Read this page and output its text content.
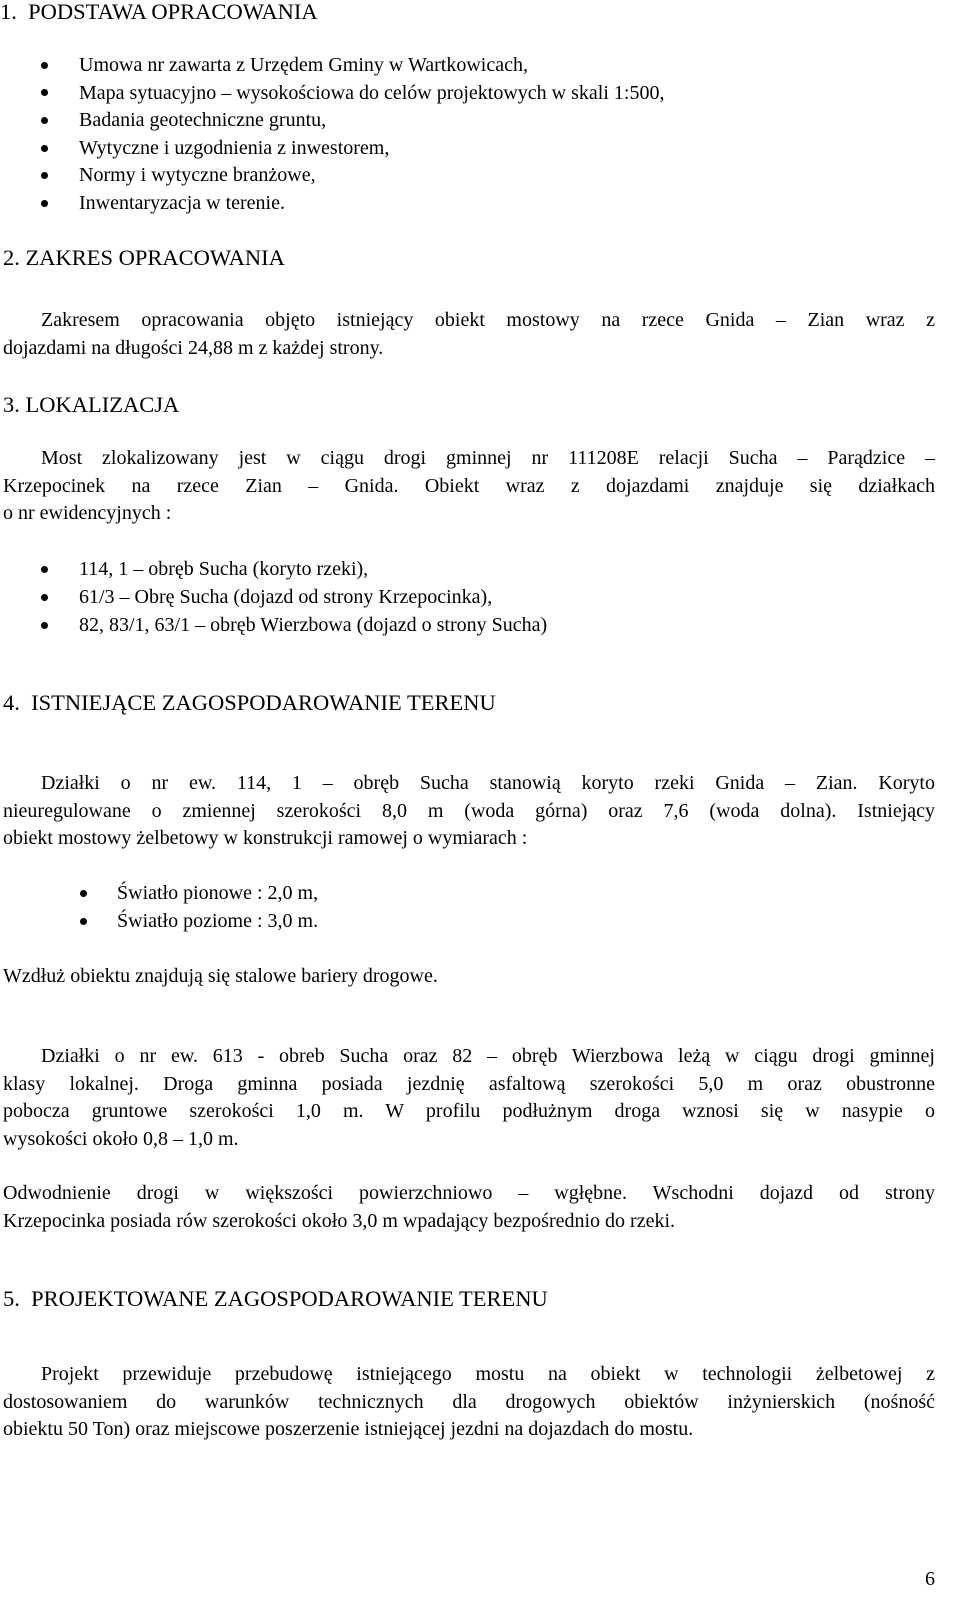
1. PODSTAWA OPRACOWANIA
Umowa nr zawarta z Urzędem Gminy w Wartkowicach,
Mapa sytuacyjno – wysokościowa do celów projektowych w skali 1:500,
Badania geotechniczne gruntu,
Wytyczne i uzgodnienia z inwestorem,
Normy i wytyczne branżowe,
Inwentaryzacja w terenie.
2. ZAKRES OPRACOWANIA
Zakresem opracowania objęto istniejący obiekt mostowy na rzece Gnida – Zian wraz z
dojazdami na długości 24,88 m z każdej strony.
3. LOKALIZACJA
Most zlokalizowany jest w ciągu drogi gminnej nr 111208E relacji Sucha – Parądzice –
Krzepocinek na rzece Zian – Gnida. Obiekt wraz z dojazdami znajduje się działkach
o nr ewidencyjnych :
114, 1 – obręb Sucha (koryto rzeki),
61/3 – Obrę Sucha (dojazd od strony Krzepocinka),
82, 83/1, 63/1 – obręb Wierzbowa (dojazd o strony Sucha)
4. ISTNIEJĄCE ZAGOSPODAROWANIE TERENU
Działki o nr ew. 114, 1 – obręb Sucha stanowią koryto rzeki Gnida – Zian. Koryto
nieuregulowane o zmiennej szerokości 8,0 m (woda górna) oraz 7,6 (woda dolna). Istniejący
obiekt mostowy żelbetowy w konstrukcji ramowej o wymiarach :
Światło pionowe : 2,0 m,
Światło poziome : 3,0 m.
Wzdłuż obiektu znajdują się stalowe bariery drogowe.
Działki o nr ew. 613 - obreb Sucha oraz 82 – obręb Wierzbowa leżą w ciągu drogi gminnej
klasy lokalnej. Droga gminna posiada jezdnię asfaltową szerokości 5,0 m oraz obustronne
pobocza gruntowe szerokości 1,0 m. W profilu podłużnym droga wznosi się w nasypie o
wysokości około 0,8 – 1,0 m.
Odwodnienie drogi w większości powierzchniowo – wgłębne. Wschodni dojazd od strony
Krzepocinka posiada rów szerokości około 3,0 m wpadający bezpośrednio do rzeki.
5. PROJEKTOWANE ZAGOSPODAROWANIE TERENU
Projekt przewiduje przebudowę istniejącego mostu na obiekt w technologii żelbetowej z
dostosowaniem do warunków technicznych dla drogowych obiektów inżynierskich (nośność
obiektu 50 Ton) oraz miejscowe poszerzenie istniejącej jezdni na dojazdach do mostu.
6
